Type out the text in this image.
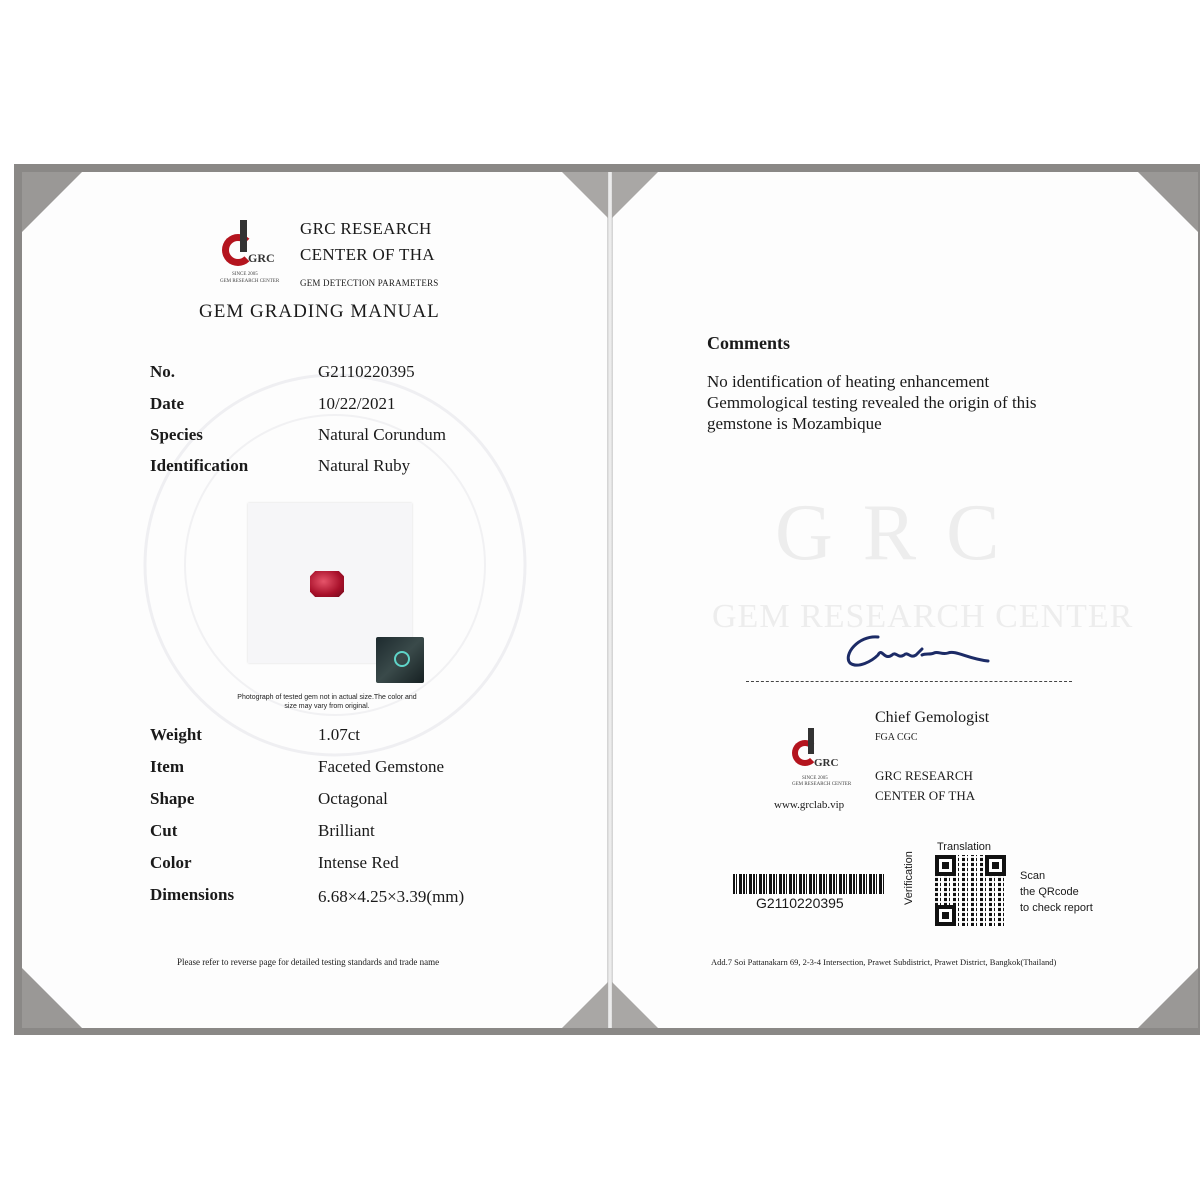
GRC
SINCE 2005
GEM RESEARCH CENTER
GRC RESEARCH
CENTER OF THA
GEM DETECTION PARAMETERS
GEM GRADING MANUAL
No.	G2110220395
Date	10/22/2021
Species	Natural Corundum
Identification	Natural Ruby
Photograph of tested gem not in actual size.The color and
size may vary from original.
Weight	1.07ct
Item	Faceted Gemstone
Shape	Octagonal
Cut	Brilliant
Color	Intense Red
Dimensions	6.68×4.25×3.39(mm)
Please refer to reverse page for detailed testing standards and trade name
GRC
GEM RESEARCH CENTER
Comments
No identification of heating enhancement
Gemmological testing revealed the origin of this
gemstone is Mozambique
Chief Gemologist
FGA CGC
GRC RESEARCH
CENTER OF THA
GRC
SINCE 2005
GEM RESEARCH CENTER
www.grclab.vip
G2110220395
Translation
Verification	Scan
the QRcode
to check report
Add.7 Soi Pattanakarn 69, 2-3-4 Intersection, Prawet Subdistrict, Prawet District, Bangkok(Thailand)
